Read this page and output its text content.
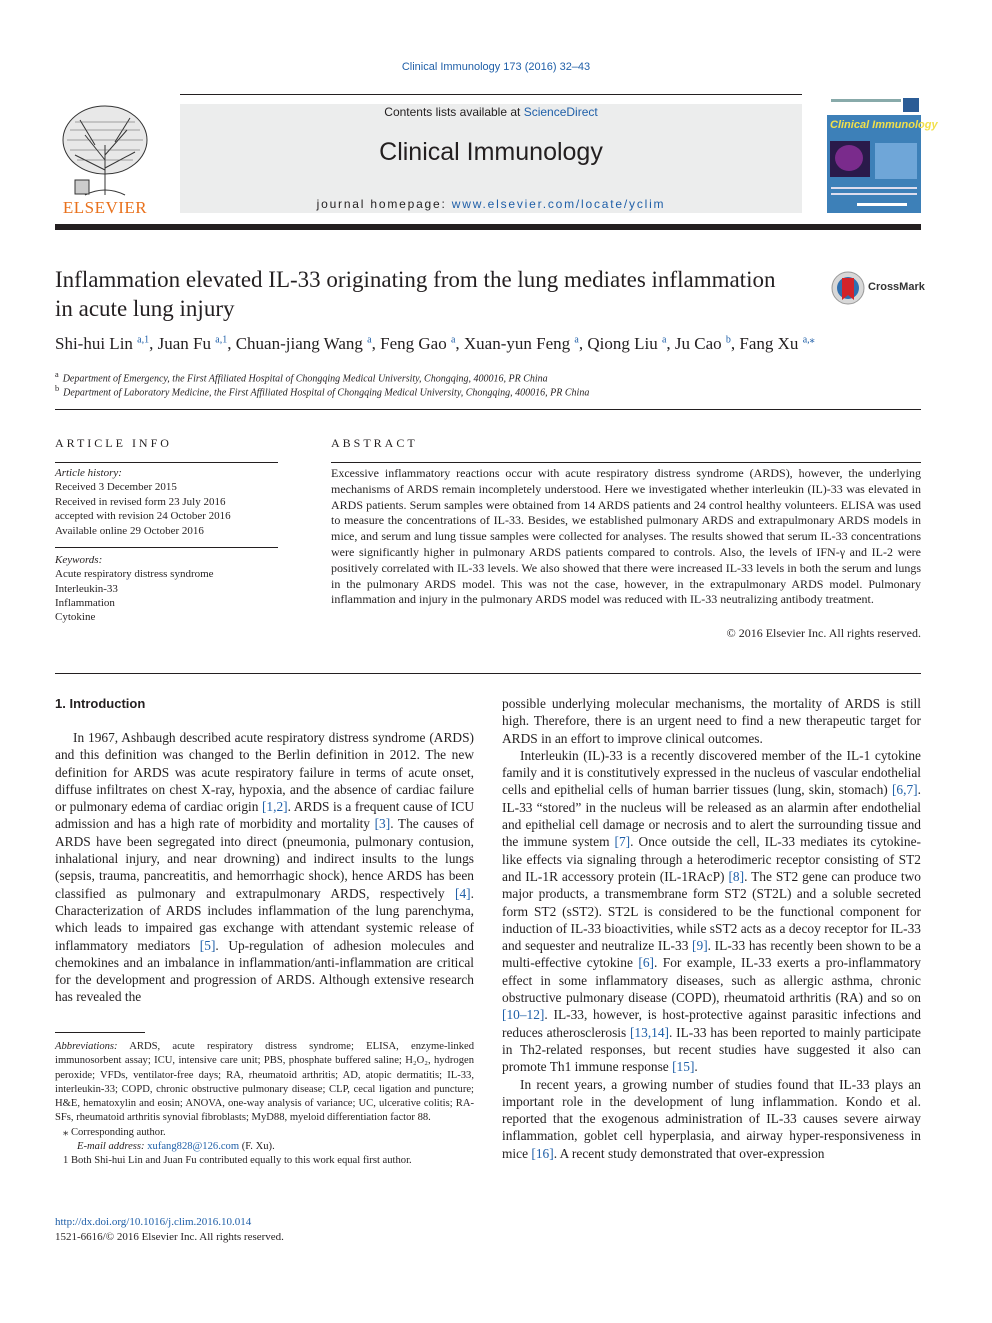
Clinical Immunology 173 (2016) 32–43
ELSEVIER
Contents lists available at ScienceDirect
Clinical Immunology
journal homepage: www.elsevier.com/locate/yclim
Clinical Immunology
Inflammation elevated IL-33 originating from the lung mediates inflammation in acute lung injury
CrossMark
Shi-hui Lin $^{a,1}$, Juan Fu $^{a,1}$, Chuan-jiang Wang $^a$, Feng Gao $^a$, Xuan-yun Feng $^a$, Qiong Liu $^a$, Ju Cao $^b$, Fang Xu $^{a,⁎}$
$^a$ Department of Emergency, the First Affiliated Hospital of Chongqing Medical University, Chongqing, 400016, PR China
$^b$ Department of Laboratory Medicine, the First Affiliated Hospital of Chongqing Medical University, Chongqing, 400016, PR China
ARTICLE INFO	ABSTRACT
Article history:
Received 3 December 2015
Received in revised form 23 July 2016
accepted with revision 24 October 2016
Available online 29 October 2016
Keywords:
Acute respiratory distress syndrome
Interleukin-33
Inflammation
Cytokine
Excessive inflammatory reactions occur with acute respiratory distress syndrome (ARDS), however, the underlying mechanisms of ARDS remain incompletely understood. Here we investigated whether interleukin (IL)-33 was elevated in ARDS patients. Serum samples were obtained from 14 ARDS patients and 24 control healthy volunteers. ELISA was used to measure the concentrations of IL-33. Besides, we established pulmonary ARDS and extrapulmonary ARDS models in mice, and serum and lung tissue samples were collected for analyses. The results showed that serum IL-33 concentrations were significantly higher in pulmonary ARDS patients compared to controls. Also, the levels of IFN-γ and IL-2 were positively correlated with IL-33 levels. We also showed that there were increased IL-33 levels in both the serum and lungs in the pulmonary ARDS model. This was not the case, however, in the extrapulmonary ARDS model. Pulmonary inflammation and injury in the pulmonary ARDS model was reduced with IL-33 neutralizing antibody treatment.
© 2016 Elsevier Inc. All rights reserved.
1. Introduction

In 1967, Ashbaugh described acute respiratory distress syndrome (ARDS) and this definition was changed to the Berlin definition in 2012. The new definition for ARDS was acute respiratory failure in terms of acute onset, diffuse infiltrates on chest X-ray, hypoxia, and the absence of cardiac failure or pulmonary edema of cardiac origin [1,2]. ARDS is a frequent cause of ICU admission and has a high rate of morbidity and mortality [3]. The causes of ARDS have been segregated into direct (pneumonia, pulmonary contusion, inhalational injury, and near drowning) and indirect insults to the lungs (sepsis, trauma, pancreatitis, and hemorrhagic shock), hence ARDS has been classified as pulmonary and extrapulmonary ARDS, respectively [4]. Characterization of ARDS includes inflammation of the lung parenchyma, which leads to impaired gas exchange with attendant systemic release of inflammatory mediators [5]. Up-regulation of adhesion molecules and chemokines and an imbalance in inflammation/anti-inflammation are critical for the development and progression of ARDS. Although extensive research has revealed the

Abbreviations: ARDS, acute respiratory distress syndrome; ELISA, enzyme-linked immunosorbent assay; ICU, intensive care unit; PBS, phosphate buffered saline; H₂O₂, hydrogen peroxide; VFDs, ventilator-free days; RA, rheumatoid arthritis; AD, atopic dermatitis; IL-33, interleukin-33; COPD, chronic obstructive pulmonary disease; CLP, cecal ligation and puncture; H&E, hematoxylin and eosin; ANOVA, one-way analysis of variance; UC, ulcerative colitis; RA-SFs, rheumatoid arthritis synovial fibroblasts; MyD88, myeloid differentiation factor 88.

⁎ Corresponding author.

E-mail address: xufang828@126.com (F. Xu).

1 Both Shi-hui Lin and Juan Fu contributed equally to this work equal first author.

http://dx.doi.org/10.1016/j.clim.2016.10.014
1521-6616/© 2016 Elsevier Inc. All rights reserved.

possible underlying molecular mechanisms, the mortality of ARDS is still high. Therefore, there is an urgent need to find a new therapeutic target for ARDS in an effort to improve clinical outcomes.

Interleukin (IL)-33 is a recently discovered member of the IL-1 cytokine family and it is constitutively expressed in the nucleus of vascular endothelial cells and epithelial cells of human barrier tissues (lung, skin, stomach) [6,7]. IL-33 “stored” in the nucleus will be released as an alarmin after endothelial and epithelial cell damage or necrosis and to alert the surrounding tissue and the immune system [7]. Once outside the cell, IL-33 mediates its cytokine-like effects via signaling through a heterodimeric receptor consisting of ST2 and IL-1R accessory protein (IL-1RAcP) [8]. The ST2 gene can produce two major products, a transmembrane form ST2 (ST2L) and a soluble secreted form ST2 (sST2). ST2L is considered to be the functional component for induction of IL-33 bioactivities, while sST2 acts as a decoy receptor for IL-33 and sequester and neutralize IL-33 [9]. IL-33 has recently been shown to be a multi-effective cytokine [6]. For example, IL-33 exerts a pro-inflammatory effect in some inflammatory diseases, such as allergic asthma, chronic obstructive pulmonary disease (COPD), rheumatoid arthritis (RA) and so on [10–12]. IL-33, however, is host-protective against parasitic infections and reduces atherosclerosis [13,14]. IL-33 has been reported to mainly participate in Th2-related responses, but recent studies have suggested it also can promote Th1 immune response [15].

In recent years, a growing number of studies found that IL-33 plays an important role in the development of lung inflammation. Kondo et al. reported that the exogenous administration of IL-33 causes severe airway inflammation, goblet cell hyperplasia, and airway hyper-responsiveness in mice [16]. A recent study demonstrated that over-expression
